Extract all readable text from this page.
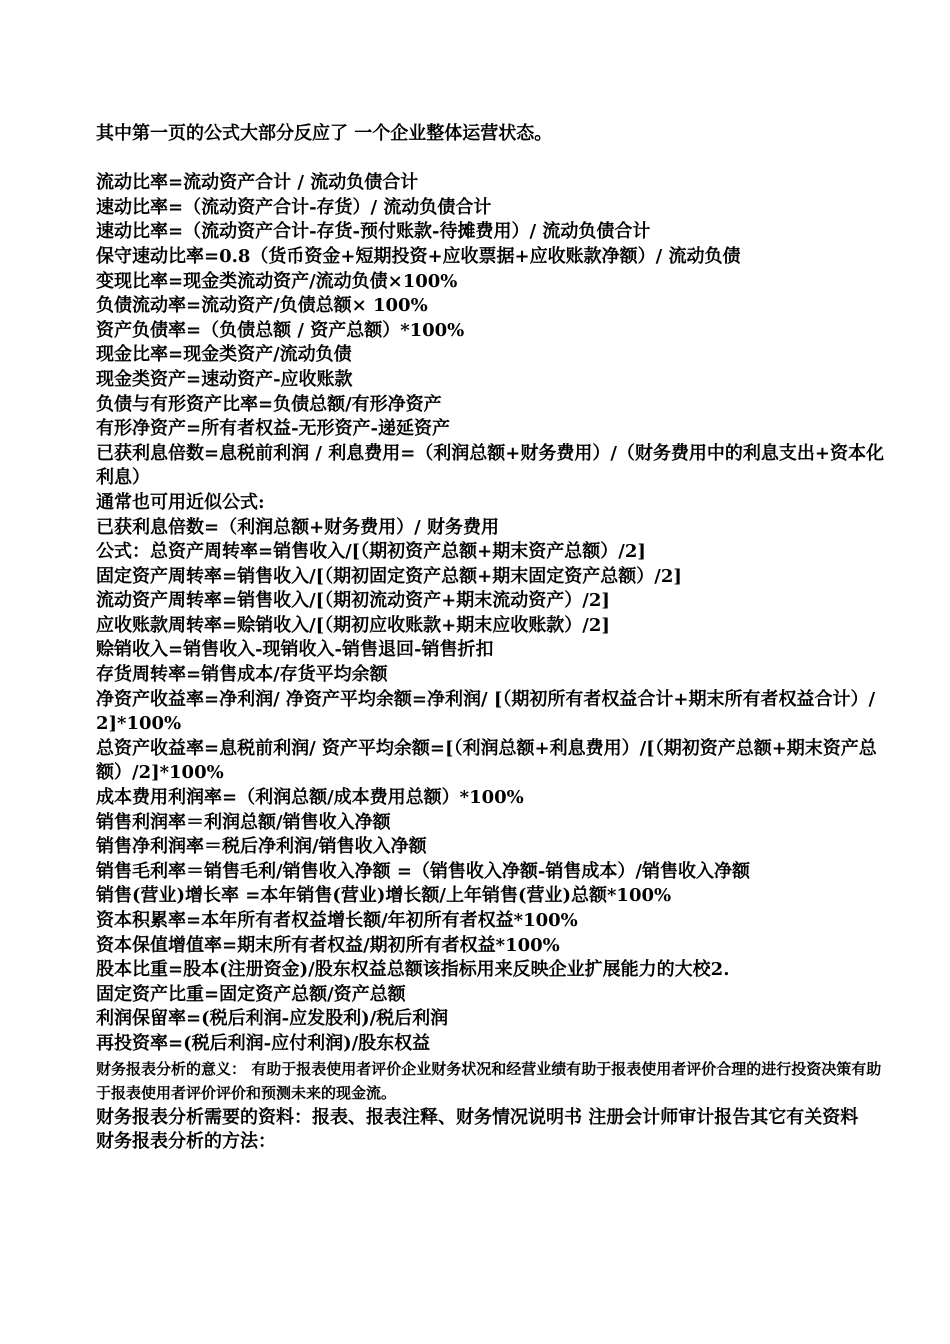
其中第一页的公式大部分反应了 一个企业整体运营状态。
流动比率=流动资产合计 / 流动负债合计
速动比率=（流动资产合计-存货）/ 流动负债合计
速动比率=（流动资产合计-存货-预付账款-待摊费用）/ 流动负债合计
保守速动比率=0.8（货币资金+短期投资+应收票据+应收账款净额）/ 流动负债
变现比率=现金类流动资产/流动负债×100%
负债流动率=流动资产/负债总额× 100%
资产负债率=（负债总额 / 资产总额）*100%
现金比率=现金类资产/流动负债
现金类资产=速动资产-应收账款
负债与有形资产比率=负债总额/有形净资产
有形净资产=所有者权益-无形资产-递延资产
已获利息倍数=息税前利润 / 利息费用=（利润总额+财务费用）/（财务费用中的利息支出+资本化利息）
通常也可用近似公式:
已获利息倍数=（利润总额+财务费用）/ 财务费用
公式：总资产周转率=销售收入/[（期初资产总额+期末资产总额）/2]
固定资产周转率=销售收入/[（期初固定资产总额+期末固定资产总额）/2]
流动资产周转率=销售收入/[（期初流动资产+期末流动资产）/2]
应收账款周转率=赊销收入/[（期初应收账款+期末应收账款）/2]
赊销收入=销售收入-现销收入-销售退回-销售折扣
存货周转率=销售成本/存货平均余额
净资产收益率=净利润/ 净资产平均余额=净利润/ [（期初所有者权益合计+期末所有者权益合计）/2]*100%
总资产收益率=息税前利润/ 资产平均余额=[（利润总额+利息费用）/[（期初资产总额+期末资产总额）/2]*100%
成本费用利润率=（利润总额/成本费用总额）*100%
销售利润率＝利润总额/销售收入净额
销售净利润率＝税后净利润/销售收入净额
销售毛利率＝销售毛利/销售收入净额 =（销售收入净额-销售成本）/销售收入净额
销售(营业)增长率 =本年销售(营业)增长额/上年销售(营业)总额*100%
资本积累率=本年所有者权益增长额/年初所有者权益*100%
资本保值增值率=期末所有者权益/期初所有者权益*100%
股本比重=股本(注册资金)/股东权益总额该指标用来反映企业扩展能力的大校2.
固定资产比重=固定资产总额/资产总额
利润保留率=(税后利润-应发股利)/税后利润
再投资率=(税后利润-应付利润)/股东权益
财务报表分析的意义： 有助于报表使用者评价企业财务状况和经营业绩有助于报表使用者评价合理的进行投资决策有助于报表使用者评价评价和预测未来的现金流。
财务报表分析需要的资料：报表、报表注释、财务情况说明书 注册会计师审计报告其它有关资料
财务报表分析的方法：
